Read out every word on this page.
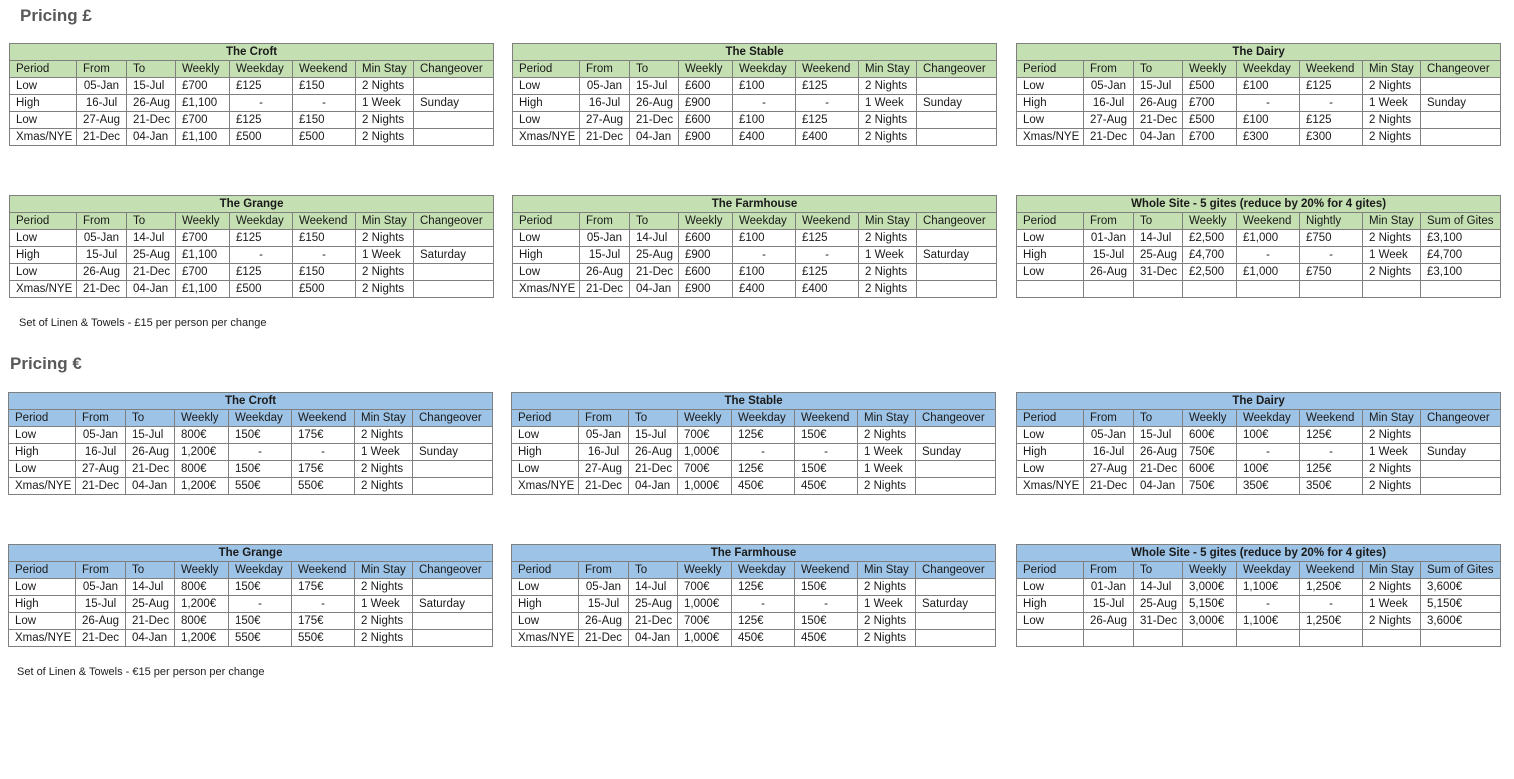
Pricing £
Set of Linen & Towels - £15 per person per change
Pricing €
Set of Linen & Towels - €15 per person per change
The Croft							
Period	From	To	Weekly	Weekday	Weekend	Min Stay	Changeover
Low	05-Jan	15-Jul	£700	£125	£150	2 Nights	
High	16-Jul	26-Aug	£1,100	-	-	1 Week	Sunday
Low	27-Aug	21-Dec	£700	£125	£150	2 Nights	
Xmas/NYE	21-Dec	04-Jan	£1,100	£500	£500	2 Nights	
The Stable							
Period	From	To	Weekly	Weekday	Weekend	Min Stay	Changeover
Low	05-Jan	15-Jul	£600	£100	£125	2 Nights	
High	16-Jul	26-Aug	£900	-	-	1 Week	Sunday
Low	27-Aug	21-Dec	£600	£100	£125	2 Nights	
Xmas/NYE	21-Dec	04-Jan	£900	£400	£400	2 Nights	
The Dairy							
Period	From	To	Weekly	Weekday	Weekend	Min Stay	Changeover
Low	05-Jan	15-Jul	£500	£100	£125	2 Nights	
High	16-Jul	26-Aug	£700	-	-	1 Week	Sunday
Low	27-Aug	21-Dec	£500	£100	£125	2 Nights	
Xmas/NYE	21-Dec	04-Jan	£700	£300	£300	2 Nights	
The Grange							
Period	From	To	Weekly	Weekday	Weekend	Min Stay	Changeover
Low	05-Jan	14-Jul	£700	£125	£150	2 Nights	
High	15-Jul	25-Aug	£1,100	-	-	1 Week	Saturday
Low	26-Aug	21-Dec	£700	£125	£150	2 Nights	
Xmas/NYE	21-Dec	04-Jan	£1,100	£500	£500	2 Nights	
The Farmhouse							
Period	From	To	Weekly	Weekday	Weekend	Min Stay	Changeover
Low	05-Jan	14-Jul	£600	£100	£125	2 Nights	
High	15-Jul	25-Aug	£900	-	-	1 Week	Saturday
Low	26-Aug	21-Dec	£600	£100	£125	2 Nights	
Xmas/NYE	21-Dec	04-Jan	£900	£400	£400	2 Nights	
Whole Site - 5 gites (reduce by 20% for 4 gites)							
Period	From	To	Weekly	Weekend	Nightly	Min Stay	Sum of Gites
Low	01-Jan	14-Jul	£2,500	£1,000	£750	2 Nights	£3,100
High	15-Jul	25-Aug	£4,700	-	-	1 Week	£4,700
Low	26-Aug	31-Dec	£2,500	£1,000	£750	2 Nights	£3,100

The Croft							
Period	From	To	Weekly	Weekday	Weekend	Min Stay	Changeover
Low	05-Jan	15-Jul	800€	150€	175€	2 Nights	
High	16-Jul	26-Aug	1,200€	-	-	1 Week	Sunday
Low	27-Aug	21-Dec	800€	150€	175€	2 Nights	
Xmas/NYE	21-Dec	04-Jan	1,200€	550€	550€	2 Nights	
The Stable							
Period	From	To	Weekly	Weekday	Weekend	Min Stay	Changeover
Low	05-Jan	15-Jul	700€	125€	150€	2 Nights	
High	16-Jul	26-Aug	1,000€	-	-	1 Week	Sunday
Low	27-Aug	21-Dec	700€	125€	150€	1 Week	
Xmas/NYE	21-Dec	04-Jan	1,000€	450€	450€	2 Nights	
The Dairy							
Period	From	To	Weekly	Weekday	Weekend	Min Stay	Changeover
Low	05-Jan	15-Jul	600€	100€	125€	2 Nights	
High	16-Jul	26-Aug	750€	-	-	1 Week	Sunday
Low	27-Aug	21-Dec	600€	100€	125€	2 Nights	
Xmas/NYE	21-Dec	04-Jan	750€	350€	350€	2 Nights	
The Grange							
Period	From	To	Weekly	Weekday	Weekend	Min Stay	Changeover
Low	05-Jan	14-Jul	800€	150€	175€	2 Nights	
High	15-Jul	25-Aug	1,200€	-	-	1 Week	Saturday
Low	26-Aug	21-Dec	800€	150€	175€	2 Nights	
Xmas/NYE	21-Dec	04-Jan	1,200€	550€	550€	2 Nights	
The Farmhouse							
Period	From	To	Weekly	Weekday	Weekend	Min Stay	Changeover
Low	05-Jan	14-Jul	700€	125€	150€	2 Nights	
High	15-Jul	25-Aug	1,000€	-	-	1 Week	Saturday
Low	26-Aug	21-Dec	700€	125€	150€	2 Nights	
Xmas/NYE	21-Dec	04-Jan	1,000€	450€	450€	2 Nights	
Whole Site - 5 gites (reduce by 20% for 4 gites)							
Period	From	To	Weekly	Weekday	Weekend	Min Stay	Sum of Gites
Low	01-Jan	14-Jul	3,000€	1,100€	1,250€	2 Nights	3,600€
High	15-Jul	25-Aug	5,150€	-	-	1 Week	5,150€
Low	26-Aug	31-Dec	3,000€	1,100€	1,250€	2 Nights	3,600€
